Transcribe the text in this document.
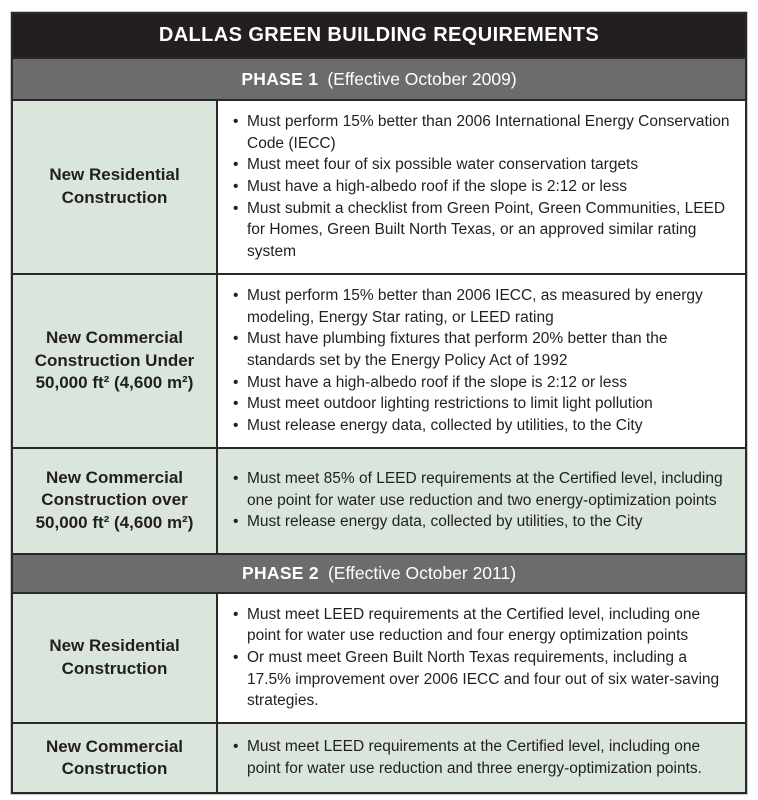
DALLAS GREEN BUILDING REQUIREMENTS
PHASE 1 (Effective October 2009)
New Residential
Construction
• Must perform 15% better than 2006 International Energy Conservation Code (IECC)
• Must meet four of six possible water conservation targets
• Must have a high-albedo roof if the slope is 2:12 or less
• Must submit a checklist from Green Point, Green Communities, LEED for Homes, Green Built North Texas, or an approved similar rating system
New Commercial
Construction Under
50,000 ft² (4,600 m²)
• Must perform 15% better than 2006 IECC, as measured by energy modeling, Energy Star rating, or LEED rating
• Must have plumbing fixtures that perform 20% better than the standards set by the Energy Policy Act of 1992
• Must have a high-albedo roof if the slope is 2:12 or less
• Must meet outdoor lighting restrictions to limit light pollution
• Must release energy data, collected by utilities, to the City
New Commercial
Construction over
50,000 ft² (4,600 m²)
• Must meet 85% of LEED requirements at the Certified level, including one point for water use reduction and two energy-optimization points
• Must release energy data, collected by utilities, to the City
PHASE 2 (Effective October 2011)
New Residential
Construction
• Must meet LEED requirements at the Certified level, including one point for water use reduction and four energy optimization points
• Or must meet Green Built North Texas requirements, including a 17.5% improvement over 2006 IECC and four out of six water-saving strategies.
New Commercial
Construction
• Must meet LEED requirements at the Certified level, including one point for water use reduction and three energy-optimization points.
